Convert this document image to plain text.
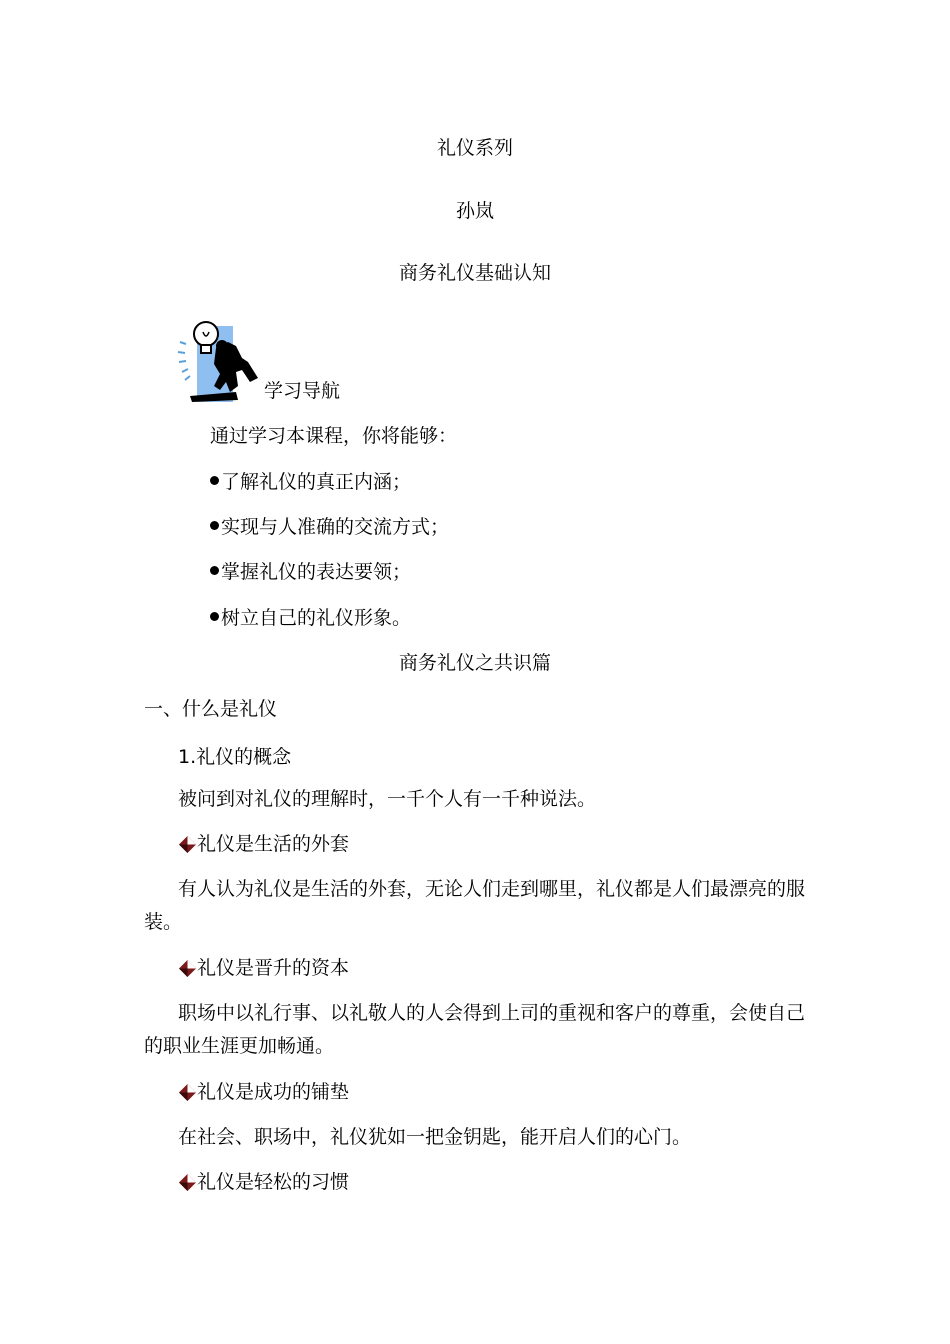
礼仪系列
孙岚
商务礼仪基础认知
学习导航
通过学习本课程，你将能够：
了解礼仪的真正内涵；
实现与人准确的交流方式；
掌握礼仪的表达要领；
树立自己的礼仪形象。
商务礼仪之共识篇
一、什么是礼仪
1.礼仪的概念
被问到对礼仪的理解时，一千个人有一千种说法。
礼仪是生活的外套
有人认为礼仪是生活的外套，无论人们走到哪里，礼仪都是人们最漂亮的服装。
礼仪是晋升的资本
职场中以礼行事、以礼敬人的人会得到上司的重视和客户的尊重，会使自己的职业生涯更加畅通。
礼仪是成功的铺垫
在社会、职场中，礼仪犹如一把金钥匙，能开启人们的心门。
礼仪是轻松的习惯
